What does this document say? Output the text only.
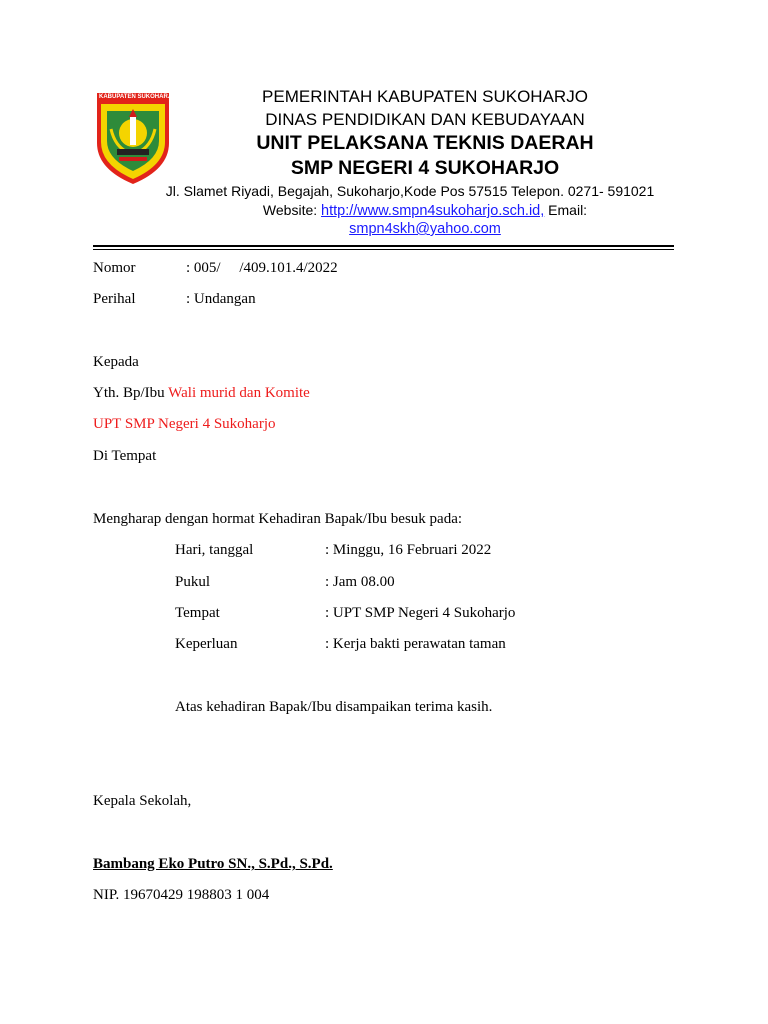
KABUPATEN SUKOHARJO	PEMERINTAH KABUPATEN SUKOHARJO
DINAS PENDIDIKAN DAN KEBUDAYAAN
UNIT PELAKSANA TEKNIS DAERAH
SMP NEGERI 4 SUKOHARJO
Jl. Slamet Riyadi, Begajah, Sukoharjo,Kode Pos 57515 Telepon. 0271- 591021
Website: http://www.smpn4sukoharjo.sch.id, Email:
smpn4skh@yahoo.com
Nomor	: 005/     /409.101.4/2022
Perihal	: Undangan
Kepada
Yth. Bp/Ibu Wali murid dan Komite
UPT SMP Negeri 4 Sukoharjo
Di Tempat
Mengharap dengan hormat Kehadiran Bapak/Ibu besuk pada:
Hari, tanggal	: Minggu, 16 Februari 2022
Pukul	: Jam 08.00
Tempat	: UPT SMP Negeri 4 Sukoharjo
Keperluan	: Kerja bakti perawatan taman
Atas kehadiran Bapak/Ibu disampaikan terima kasih.
Kepala Sekolah,
Bambang Eko Putro SN., S.Pd., S.Pd.
NIP. 19670429 198803 1 004
